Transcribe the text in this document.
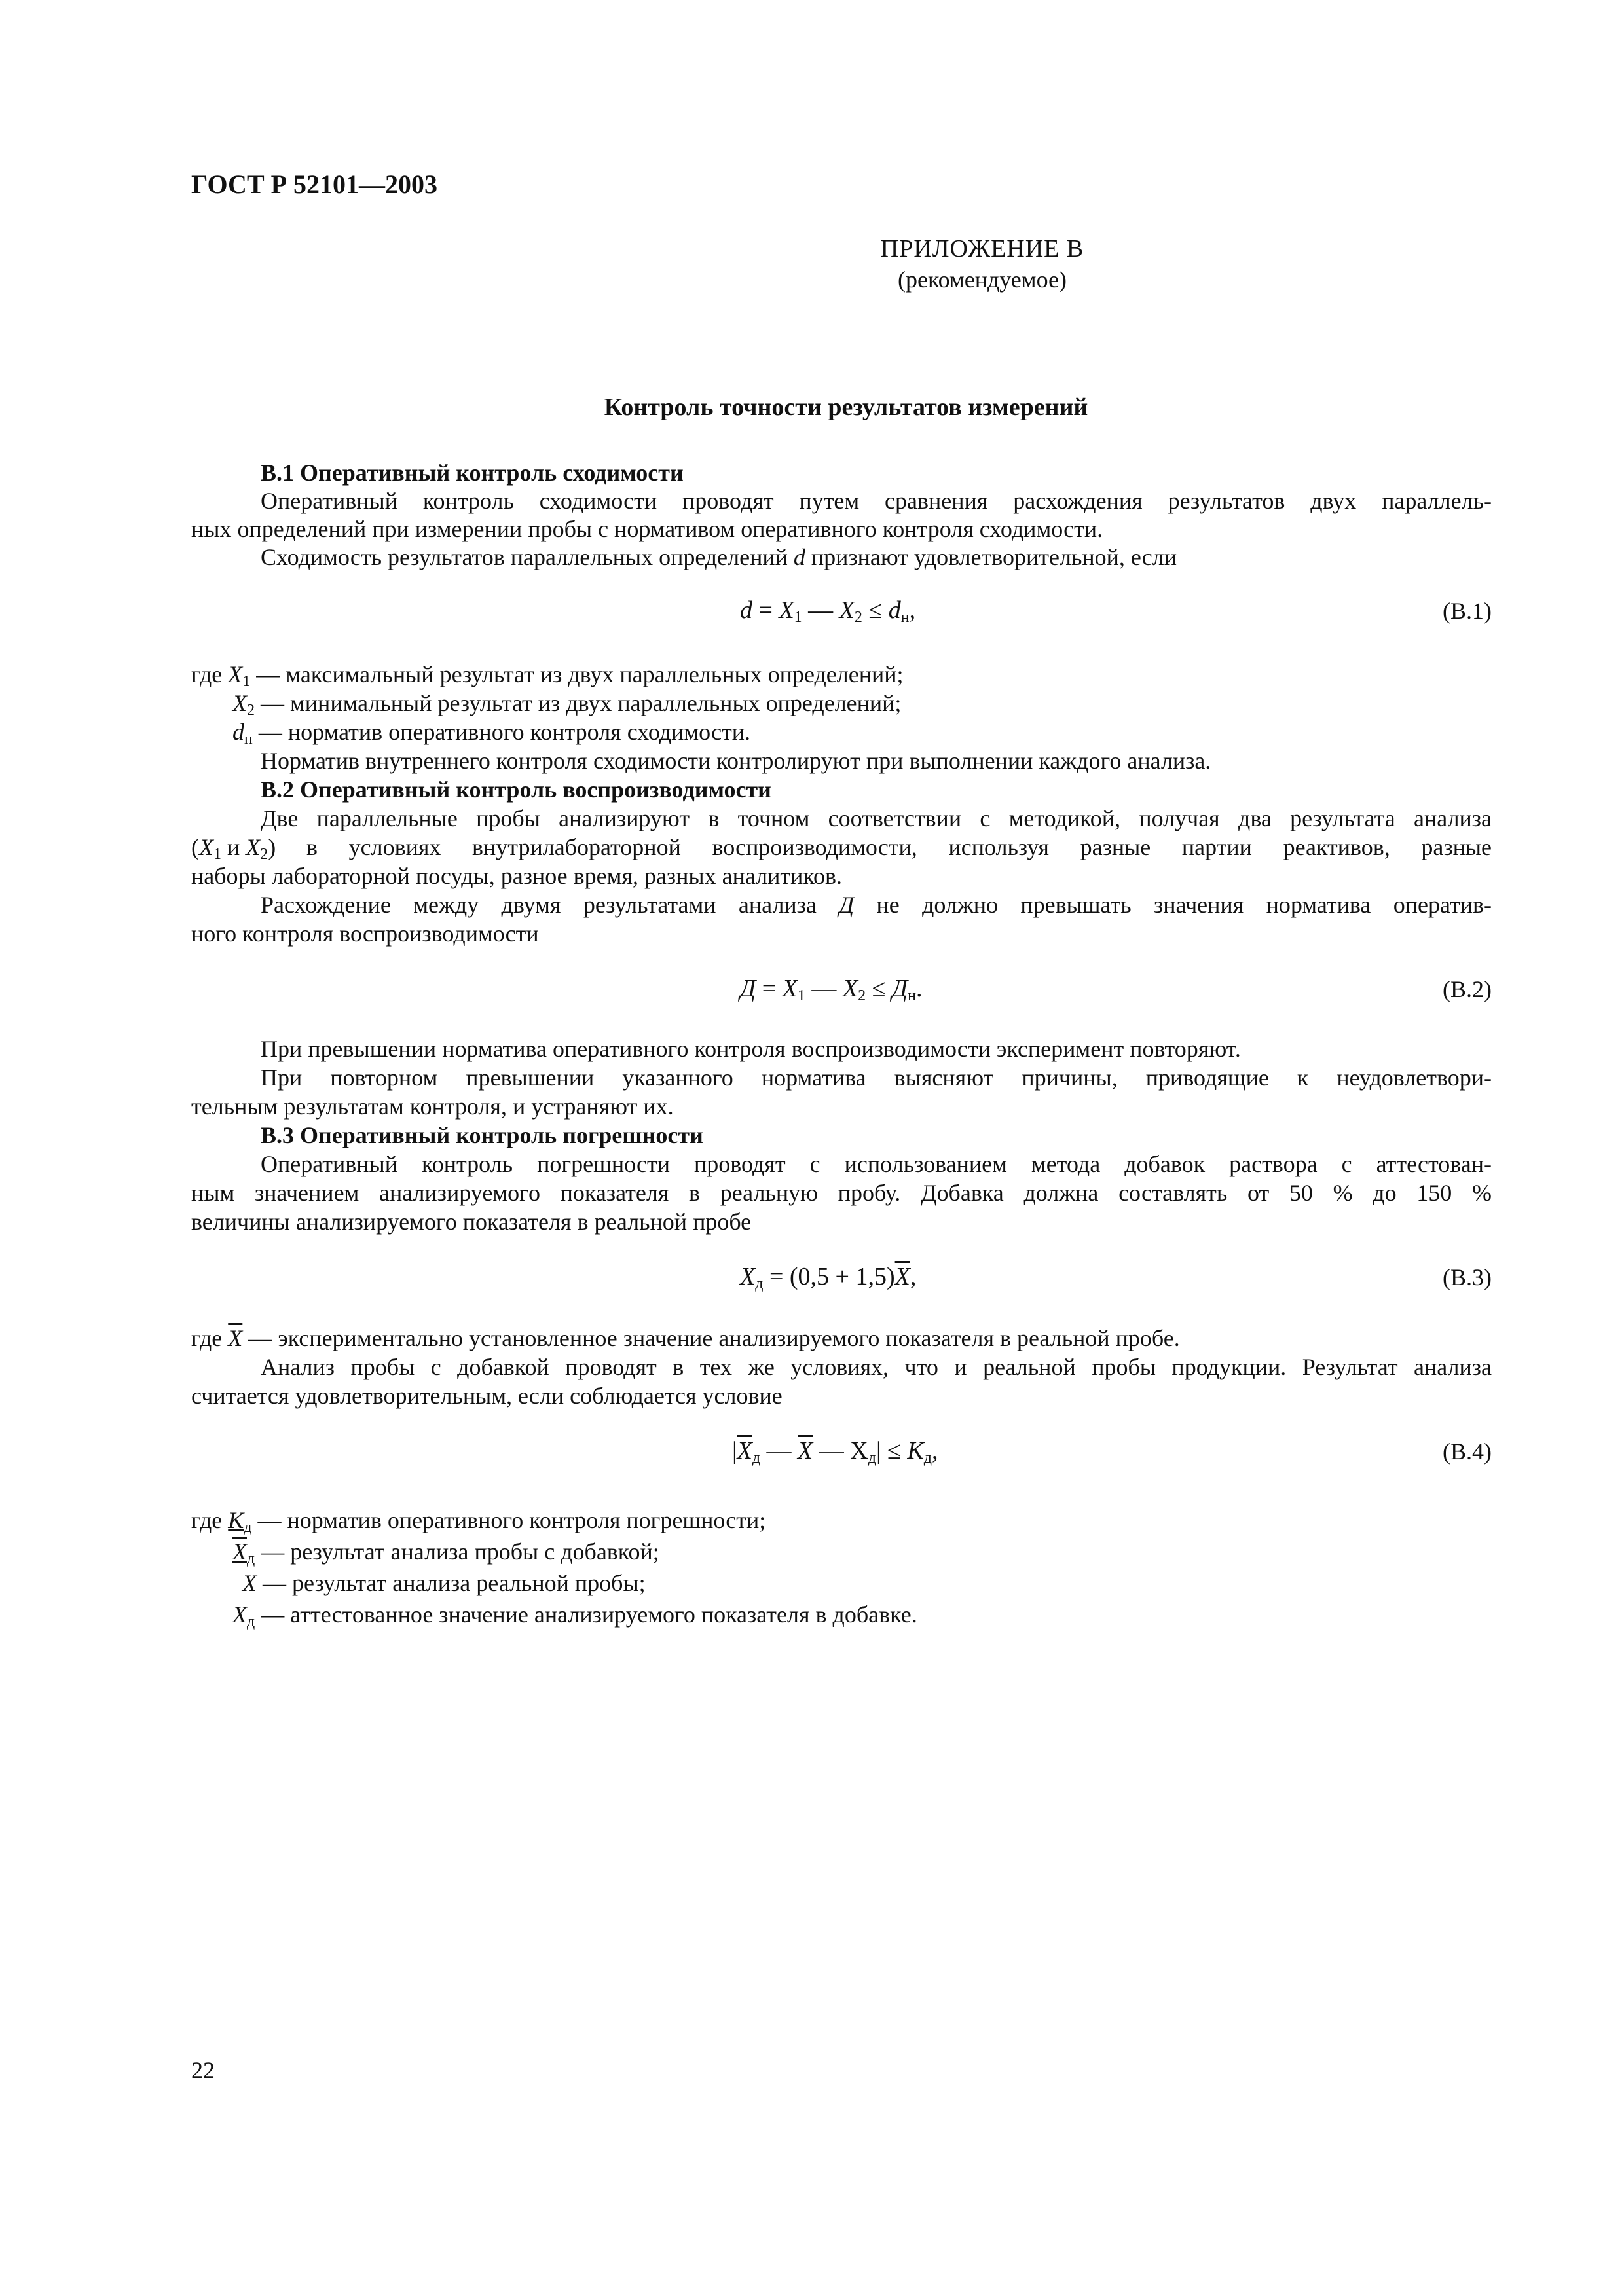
ГОСТ Р 52101—2003
ПРИЛОЖЕНИЕ В
(рекомендуемое)
Контроль точности результатов измерений
В.1 Оперативный контроль сходимости
Оперативный контроль сходимости проводят путем сравнения расхождения результатов двух параллель-
ных определений при измерении пробы с нормативом оперативного контроля сходимости.
Сходимость результатов параллельных определений d признают удовлетворительной, если
$d = X_1$ — $X_2 \le d_н$,	(В.1)
где $X_1$ — максимальный результат из двух параллельных определений;
$X_2$ — минимальный результат из двух параллельных определений;
$d_н$ — норматив оперативного контроля сходимости.
Норматив внутреннего контроля сходимости контролируют при выполнении каждого анализа.
В.2 Оперативный контроль воспроизводимости
Две параллельные пробы анализируют в точном соответствии с методикой, получая два результата анализа
($X_1$ и $X_2$) в условиях внутрилабораторной воспроизводимости, используя разные партии реактивов, разные
наборы лабораторной посуды, разное время, разных аналитиков.
Расхождение между двумя результатами анализа Д не должно превышать значения норматива оператив-
ного контроля воспроизводимости
$Д = X_1$ — $X_2 \le Д_н$.	(В.2)
При превышении норматива оперативного контроля воспроизводимости эксперимент повторяют.
При повторном превышении указанного норматива выясняют причины, приводящие к неудовлетвори-
тельным результатам контроля, и устраняют их.
В.3 Оперативный контроль погрешности
Оперативный контроль погрешности проводят с использованием метода добавок раствора с аттестован-
ным значением анализируемого показателя в реальную пробу. Добавка должна составлять от 50 % до 150 %
величины анализируемого показателя в реальной пробе
$X_д = (0,5 + 1,5)\overline{X}$,	(В.3)
где $\overline{X}$ — экспериментально установленное значение анализируемого показателя в реальной пробе.
Анализ пробы с добавкой проводят в тех же условиях, что и реальной пробы продукции. Результат анализа
считается удовлетворительным, если соблюдается условие
$|\overline{X}_д$ — $\overline{X}$ — $X_д| \le K_д$,	(В.4)
где $K_д$ — норматив оперативного контроля погрешности;
$X_д$ — результат анализа пробы с добавкой;
X — результат анализа реальной пробы;
$X_д$ — аттестованное значение анализируемого показателя в добавке.
22
